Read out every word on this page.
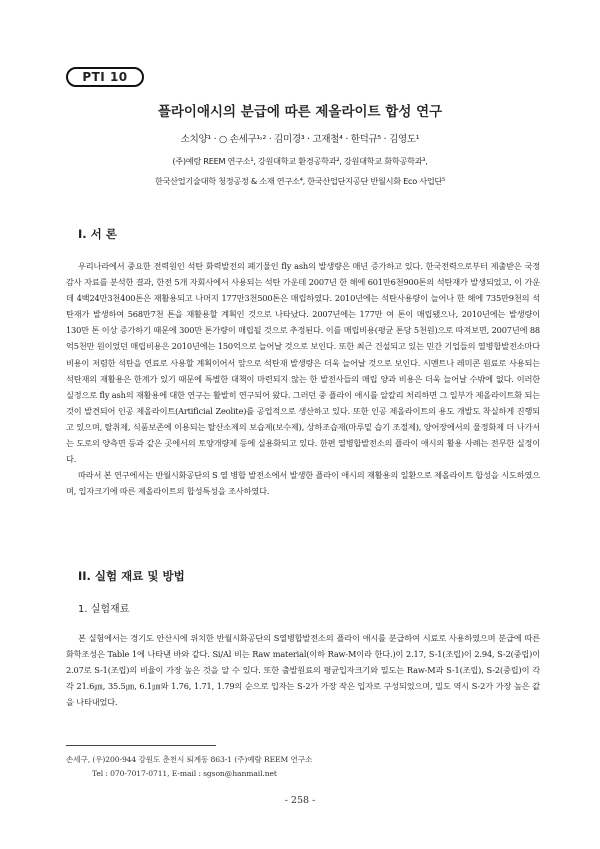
PTI 10
플라이애시의 분급에 따른 제올라이트 합성 연구
소치양¹ · ○ 손세구¹˒² · 김미경³ · 고재철⁴ · 한덕규⁵ · 김영도¹
(주)예람 REEM 연구소¹, 강원대학교 환경공학과², 강원대학교 화학공학과³,
한국산업기술대학 청정공정 & 소재 연구소⁴, 한국산업단지공단 반월시화 Eco 사업단⁵
I. 서 론

우리나라에서 중요한 전력원인 석탄 화력발전의 폐기물인 fly ash의 발생량은 매년 증가하고 있다. 한국전력으로부터 제출받은 국정감사 자료를 분석한 결과, 한전 5개 자회사에서 사용되는 석탄 가운데 2007년 한 해에 601만6천900톤의 석탄재가 발생되었고, 이 가운데 4백24만3천400톤은 재활용되고 나머지 177만3천500톤은 매립하였다. 2010년에는 석탄사용량이 늘어나 한 해에 735만9천의 석탄재가 발생하여 568만7천 톤을 재활용할 계획인 것으로 나타났다. 2007년에는 177만 여 톤이 매립됐으나, 2010년에는 발생량이 130만 톤 이상 증가하기 때문에 300만 톤가량이 매립될 것으로 추정된다. 이를 매립비용(평균 톤당 5천원)으로 따져보면, 2007년에 88억5천만 원이었던 매립비용은 2010년에는 150억으로 늘어날 것으로 보인다. 또한 최근 건설되고 있는 민간 기업들의 열병합발전소마다 비용이 저렴한 석탄을 연료로 사용할 계획이어서 앞으로 석탄재 발생량은 더욱 늘어날 것으로 보인다. 시멘트나 레미콘 원료로 사용되는 석탄재의 재활용은 한계가 있기 때문에 특별한 대책이 마련되지 않는 한 발전사들의 매립 양과 비용은 더욱 늘어날 수밖에 없다. 이러한 실정으로 fly ash의 재활용에 대한 연구는 활발히 연구되어 왔다. 그러던 중 플라이 애시를 알칼리 처리하면 그 일부가 제올라이트화 되는 것이 발견되어 인공 제올라이트(Artificial Zeolite)를 공업적으로 생산하고 있다. 또한 인공 제올라이트의 용도 개발도 착실하게 진행되고 있으며, 탈취제, 식품보존에 이용되는 탈산소제의 보습제(보수제), 상하조습재(마루밑 습기 조절제), 양어장에서의 물정화제 더 나가서는 도로의 양측면 등과 같은 곳에서의 토양개량제 등에 실용화되고 있다. 한편 열병합발전소의 플라이 애시의 활용 사례는 전무한 실정이다.

따라서 본 연구에서는 반월시화공단의 S 열 병합 발전소에서 발생한 플라이 애시의 재활용의 일환으로 제올라이트 합성을 시도하였으며, 입자크기에 따른 제올라이트의 합성특성을 조사하였다.

II. 실험 재료 및 방법
1. 실험재료

본 실험에서는 경기도 안산시에 위치한 반월시화공단의 S열병합발전소의 플라이 애시를 분급하여 시료로 사용하였으며 분급에 따른 화학조성은 Table 1에 나타낸 바와 같다. Si/Al 비는 Raw material(이하 Raw-M이라 한다.)이 2.17, S-1(조립)이 2.94, S-2(중립)이 2.07로 S-1(조립)의 비율이 가장 높은 것을 알 수 있다. 또한 출발원료의 평균입자크기와 밀도는 Raw-M과 S-1(조립), S-2(중립)이 각각 21.6㎛, 35.5㎛, 6.1㎛와 1.76, 1.71, 1.79의 순으로 입자는 S-2가 가장 작은 입자로 구성되었으며, 밀도 역시 S-2가 가장 높은 값을 나타내었다.

손세구, (우)200-944 강원도 춘천시 퇴계동 863-1 (주)예람 REEM 연구소
Tel : 070-7017-0711, E-mail : sgson@hanmail.net
- 258 -
